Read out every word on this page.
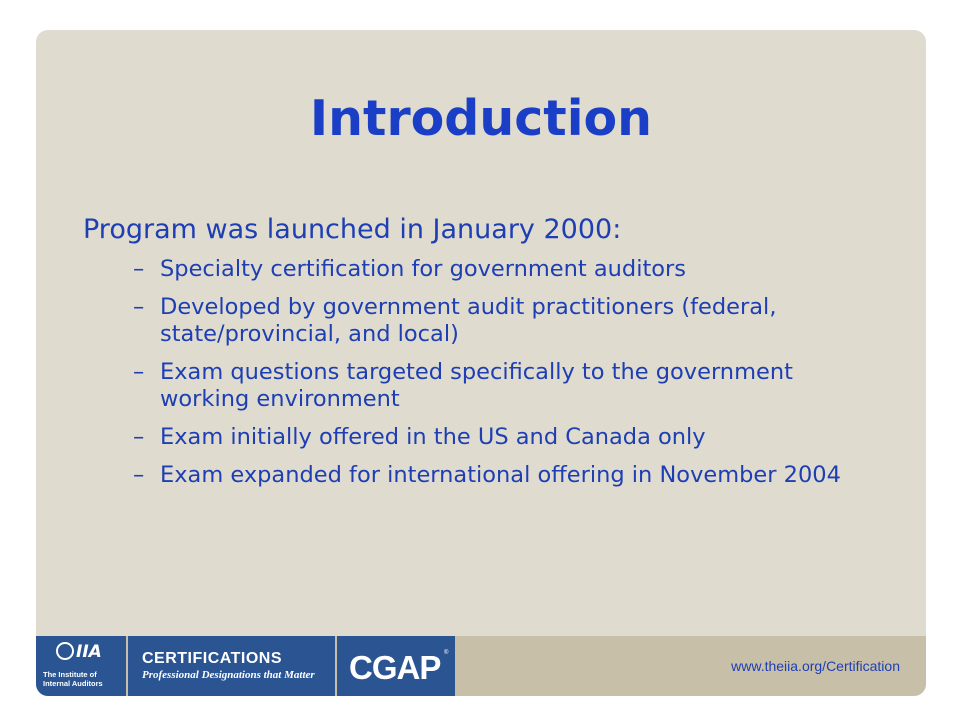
Introduction

Program was launched in January 2000:

– Specialty certification for government auditors
– Developed by government audit practitioners (federal, state/provincial, and local)
– Exam questions targeted specifically to the government working environment
– Exam initially offered in the US and Canada only
– Exam expanded for international offering in November 2004
IIA
The Institute of Internal Auditors
CERTIFICATIONS
Professional Designations that Matter CGAP ®
www.theiia.org/Certification
